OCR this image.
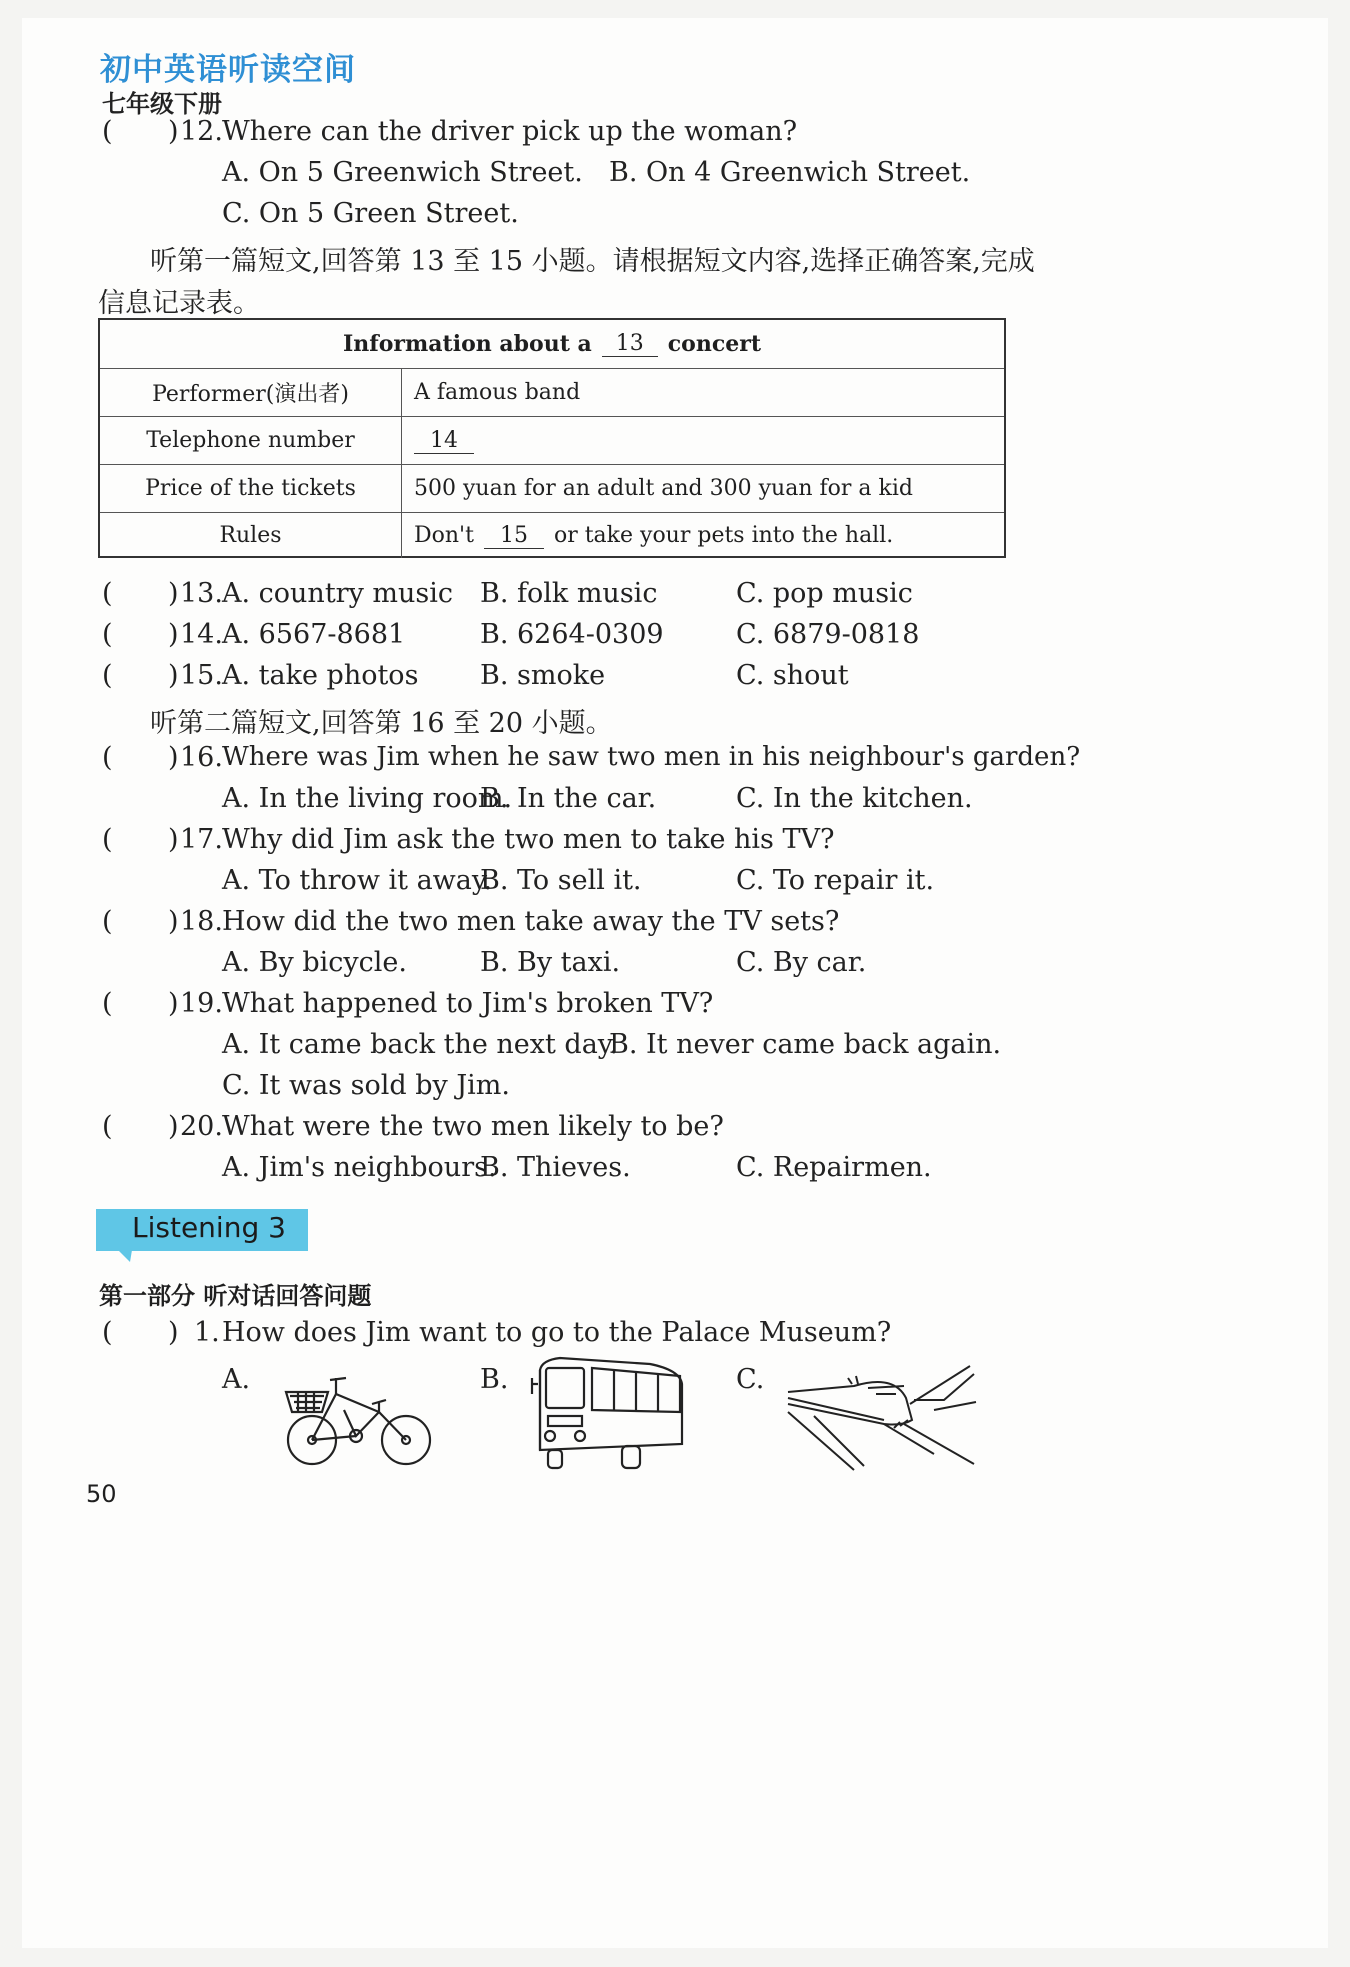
初中英语听读空间
七年级下册
( ) 12. Where can the driver pick up the woman?
A. On 5 Greenwich Street. B. On 4 Greenwich Street.
C. On 5 Green Street.
听第一篇短文,回答第 13 至 15 小题。请根据短文内容,选择正确答案,完成
信息记录表。
Information about a	13	concert
Performer(演出者)	A famous band
Telephone number	14
Price of the tickets	500 yuan for an adult and 300 yuan for a kid
Rules	Don't	15	or take your pets into the hall.
( ) 13. A. country music B. folk music	C. pop music
( ) 14. A. 6567-8681	B. 6264-0309	C. 6879-0818
( ) 15. A. take photos B. smoke	C. shout
听第二篇短文,回答第 16 至 20 小题。
( ) 16. Where was Jim when he saw two men in his neighbour's garden?
A. In the living room.
B. In the car.	C. In the kitchen.
( ) 17. Why did Jim ask the two men to take his TV?
A. To throw it away.
B. To sell it.	C. To repair it.
( ) 18. How did the two men take away the TV sets?
A. By bicycle.	B. By taxi.	C. By car.
( ) 19. What happened to Jim's broken TV?
A. It came back the next day.
B. It never came back again.
C. It was sold by Jim.
( ) 20. What were the two men likely to be?
A. Jim's neighbours.
B. Thieves.	C. Repairmen.
Listening 3
第一部分 听对话回答问题
( ) 1. How does Jim want to go to the Palace Museum?
A.	B.	C.
50
